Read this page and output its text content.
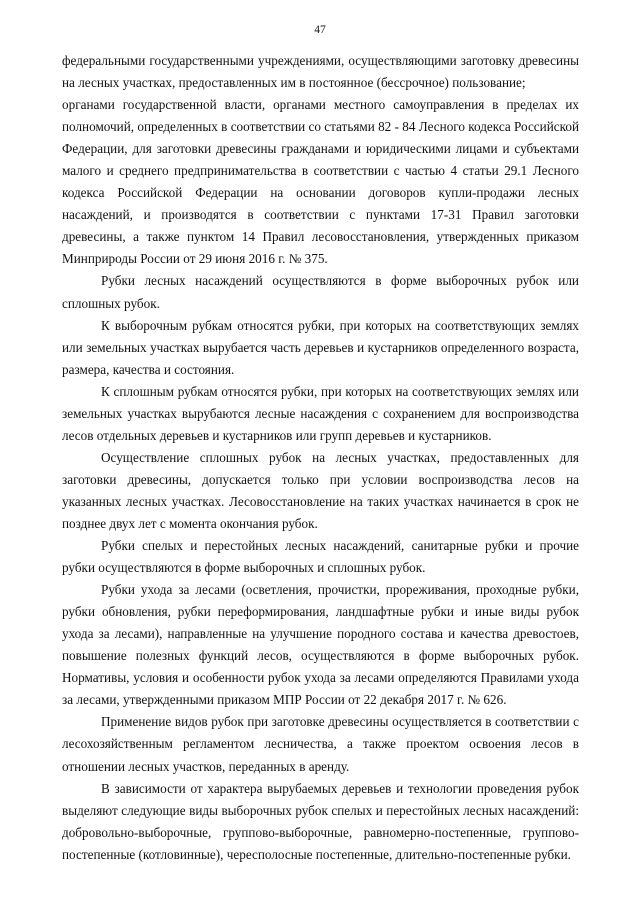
47

федеральными государственными учреждениями, осуществляющими заготовку древесины на лесных участках, предоставленных им в постоянное (бессрочное) пользование;

органами государственной власти, органами местного самоуправления в пределах их полномочий, определенных в соответствии со статьями 82 - 84 Лесного кодекса Российской Федерации, для заготовки древесины гражданами и юридическими лицами и субъектами малого и среднего предпринимательства в соответствии с частью 4 статьи 29.1 Лесного кодекса Российской Федерации на основании договоров купли-продажи лесных насаждений, и производятся в соответствии с пунктами 17-31 Правил заготовки древесины, а также пунктом 14 Правил лесовосстановления, утвержденных приказом Минприроды России от 29 июня 2016 г. № 375.

Рубки лесных насаждений осуществляются в форме выборочных рубок или сплошных рубок.

К выборочным рубкам относятся рубки, при которых на соответствующих землях или земельных участках вырубается часть деревьев и кустарников определенного возраста, размера, качества и состояния.

К сплошным рубкам относятся рубки, при которых на соответствующих землях или земельных участках вырубаются лесные насаждения с сохранением для воспроизводства лесов отдельных деревьев и кустарников или групп деревьев и кустарников.

Осуществление сплошных рубок на лесных участках, предоставленных для заготовки древесины, допускается только при условии воспроизводства лесов на указанных лесных участках. Лесовосстановление на таких участках начинается в срок не позднее двух лет с момента окончания рубок.

Рубки спелых и перестойных лесных насаждений, санитарные рубки и прочие рубки осуществляются в форме выборочных и сплошных рубок.

Рубки ухода за лесами (осветления, прочистки, прореживания, проходные рубки, рубки обновления, рубки переформирования, ландшафтные рубки и иные виды рубок ухода за лесами), направленные на улучшение породного состава и качества древостоев, повышение полезных функций лесов, осуществляются в форме выборочных рубок. Нормативы, условия и особенности рубок ухода за лесами определяются Правилами ухода за лесами, утвержденными приказом МПР России от 22 декабря 2017 г. № 626.

Применение видов рубок при заготовке древесины осуществляется в соответствии с лесохозяйственным регламентом лесничества, а также проектом освоения лесов в отношении лесных участков, переданных в аренду.

В зависимости от характера вырубаемых деревьев и технологии проведения рубок выделяют следующие виды выборочных рубок спелых и перестойных лесных насаждений: добровольно-выборочные, группово-выборочные, равномерно-постепенные, группово-постепенные (котловинные), чересполосные постепенные, длительно-постепенные рубки.
